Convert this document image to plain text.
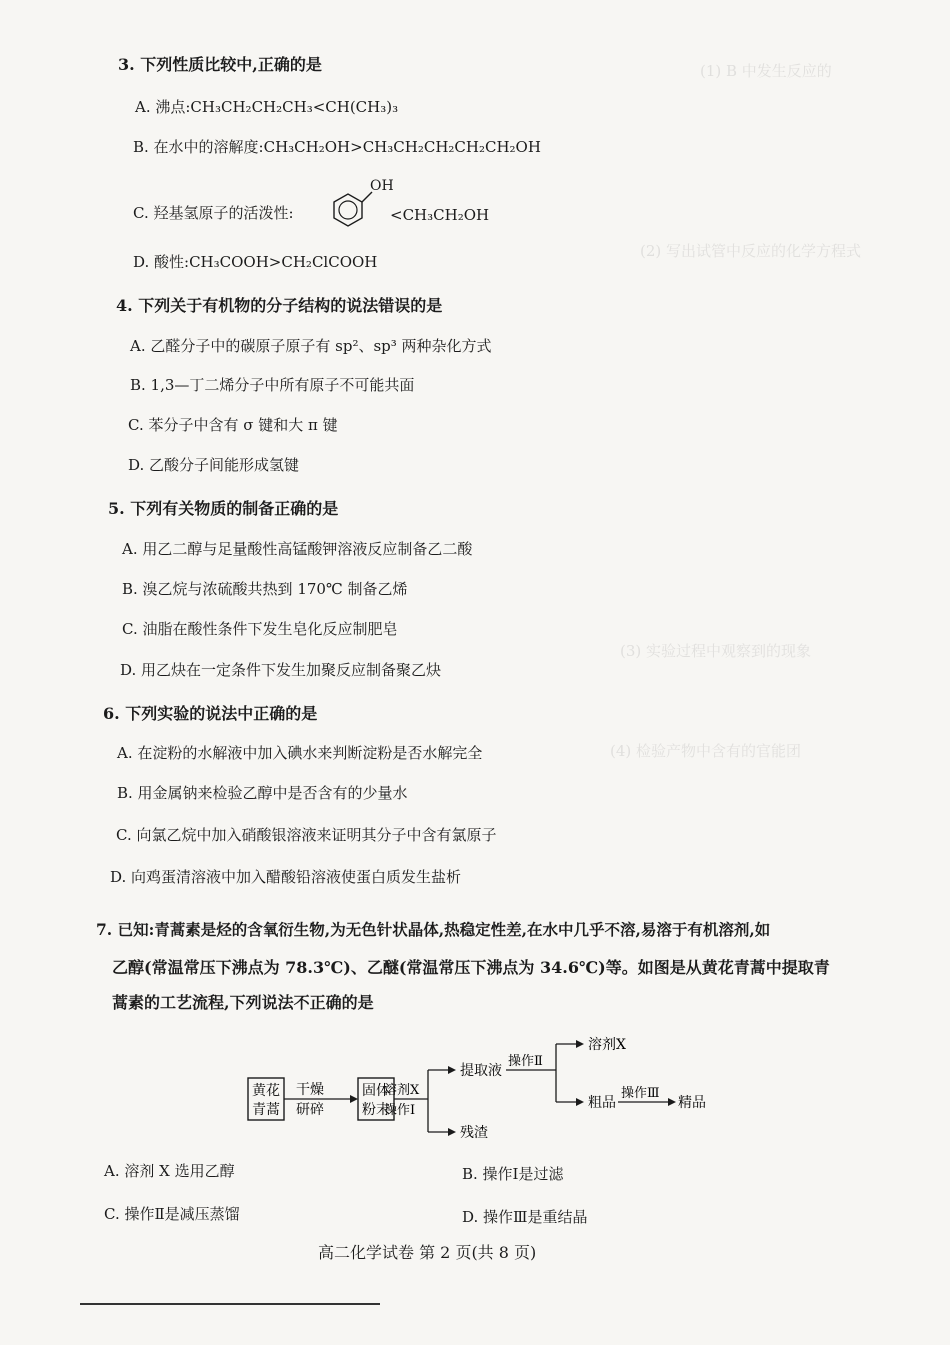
(1) B 中发生反应的
(2) 写出试管中反应的化学方程式
(3) 实验过程中观察到的现象
(4) 检验产物中含有的官能团
3. 下列性质比较中,正确的是
A. 沸点:CH₃CH₂CH₂CH₃<CH(CH₃)₃
B. 在水中的溶解度:CH₃CH₂OH>CH₃CH₂CH₂CH₂CH₂OH
C. 羟基氢原子的活泼性:
OH
<CH₃CH₂OH
D. 酸性:CH₃COOH>CH₂ClCOOH
4. 下列关于有机物的分子结构的说法错误的是
A. 乙醛分子中的碳原子原子有 sp²、sp³ 两种杂化方式
B. 1,3—丁二烯分子中所有原子不可能共面
C. 苯分子中含有 σ 键和大 π 键
D. 乙酸分子间能形成氢键
5. 下列有关物质的制备正确的是
A. 用乙二醇与足量酸性高锰酸钾溶液反应制备乙二酸
B. 溴乙烷与浓硫酸共热到 170℃ 制备乙烯
C. 油脂在酸性条件下发生皂化反应制肥皂
D. 用乙炔在一定条件下发生加聚反应制备聚乙炔
6. 下列实验的说法中正确的是
A. 在淀粉的水解液中加入碘水来判断淀粉是否水解完全
B. 用金属钠来检验乙醇中是否含有的少量水
C. 向氯乙烷中加入硝酸银溶液来证明其分子中含有氯原子
D. 向鸡蛋清溶液中加入醋酸铅溶液使蛋白质发生盐析
7. 已知:青蒿素是烃的含氧衍生物,为无色针状晶体,热稳定性差,在水中几乎不溶,易溶于有机溶剂,如
乙醇(常温常压下沸点为 78.3℃)、乙醚(常温常压下沸点为 34.6℃)等。如图是从黄花青蒿中提取青
蒿素的工艺流程,下列说法不正确的是
黄花
青蒿
干燥
研碎
固体
粉末
溶剂X
操作Ⅰ
提取液
残渣
操作Ⅱ
溶剂X
粗品
操作Ⅲ
精品
A. 溶剂 X 选用乙醇	B. 操作Ⅰ是过滤
C. 操作Ⅱ是减压蒸馏	D. 操作Ⅲ是重结晶
高二化学试卷 第 2 页(共 8 页)
